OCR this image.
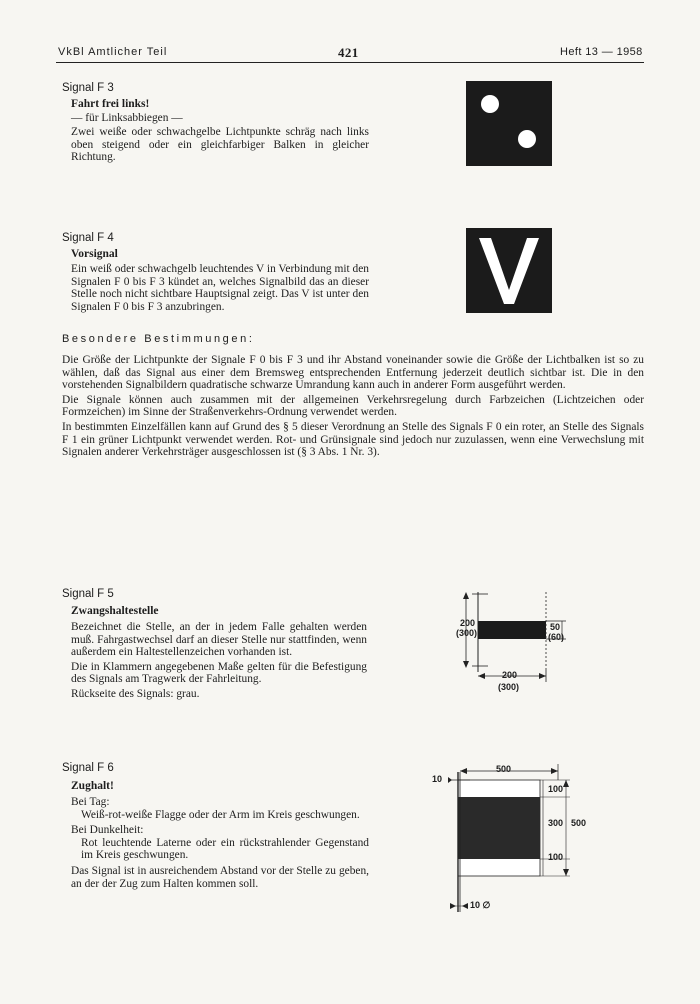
VkBl Amtlicher Teil	421	Heft 13 — 1958
Signal F 3
Fahrt frei links!
— für Linksabbiegen —
Zwei weiße oder schwachgelbe Lichtpunkte schräg nach links oben steigend oder ein gleichfarbiger Balken in gleicher Richtung.
Signal F 4
Vorsignal
Ein weiß oder schwachgelb leuchtendes V in Verbindung mit den Signalen F 0 bis F 3 kündet an, welches Signalbild das an dieser Stelle noch nicht sichtbare Hauptsignal zeigt. Das V ist unter den Signalen F 0 bis F 3 anzubringen.
Besondere Bestimmungen:

Die Größe der Lichtpunkte der Signale F 0 bis F 3 und ihr Abstand voneinander sowie die Größe der Lichtbalken ist so zu wählen, daß das Signal aus einer dem Bremsweg entsprechenden Entfernung jederzeit deutlich sichtbar ist. Die in den vorstehenden Signalbildern quadratische schwarze Umrandung kann auch in anderer Form ausgeführt werden.

Die Signale können auch zusammen mit der allgemeinen Verkehrsregelung durch Farbzeichen (Lichtzeichen oder Formzeichen) im Sinne der Straßenverkehrs-Ordnung verwendet werden.

In bestimmten Einzelfällen kann auf Grund des § 5 dieser Verordnung an Stelle des Signals F 0 ein roter, an Stelle des Signals F 1 ein grüner Lichtpunkt verwendet werden. Rot- und Grünsignale sind jedoch nur zuzulassen, wenn eine Verwechslung mit Signalen anderer Verkehrsträger ausgeschlossen ist (§ 3 Abs. 1 Nr. 3).

Signal F 5
Zwangshaltestelle

Bezeichnet die Stelle, an der in jedem Falle gehalten werden muß. Fahrgastwechsel darf an dieser Stelle nur stattfinden, wenn außerdem ein Haltestellenzeichen vorhanden ist.

Die in Klammern angegebenen Maße gelten für die Befestigung des Signals am Tragwerk der Fahrleitung.

Rückseite des Signals: grau.

200
(300)
50
(60)
200
(300)
Signal F 6
Zughalt!

Bei Tag:

Weiß-rot-weiße Flagge oder der Arm im Kreis geschwungen.

Bei Dunkelheit:

Rot leuchtende Laterne oder ein rückstrahlender Gegenstand im Kreis geschwungen.

Das Signal ist in ausreichendem Abstand vor der Stelle zu geben, an der der Zug zum Halten kommen soll.

500
10
100
300
100
500
10 ∅
